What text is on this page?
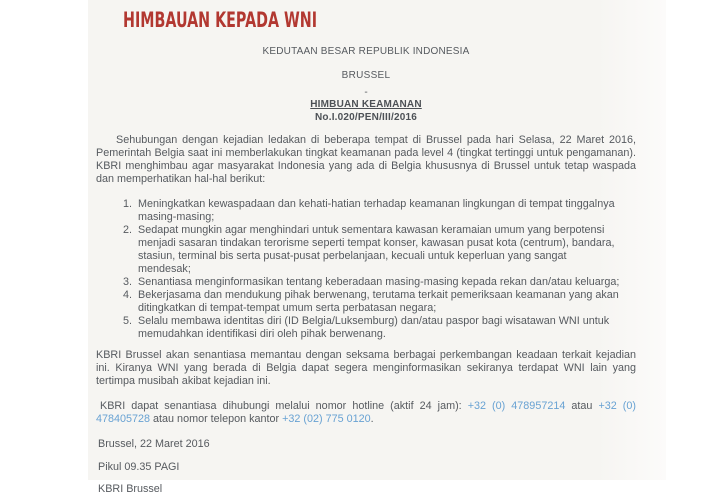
HIMBAUAN KEPADA WNI
KEDUTAAN BESAR REPUBLIK INDONESIA
BRUSSEL
-
HIMBUAN KEAMANAN
No.I.020/PEN/III/2016

Sehubungan dengan kejadian ledakan di beberapa tempat di Brussel pada hari Selasa, 22 Maret 2016, Pemerintah Belgia saat ini memberlakukan tingkat keamanan pada level 4 (tingkat tertinggi untuk pengamanan). KBRI menghimbau agar masyarakat Indonesia yang ada di Belgia khususnya di Brussel untuk tetap waspada dan memperhatikan hal-hal berikut:

1. Meningkatkan kewaspadaan dan kehati-hatian terhadap keamanan lingkungan di tempat tinggalnya masing-masing;
2. Sedapat mungkin agar menghindari untuk sementara kawasan keramaian umum yang berpotensi menjadi sasaran tindakan terorisme seperti tempat konser, kawasan pusat kota (centrum), bandara, stasiun, terminal bis serta pusat-pusat perbelanjaan, kecuali untuk keperluan yang sangat mendesak;
3. Senantiasa menginformasikan tentang keberadaan masing-masing kepada rekan dan/atau keluarga;
4. Bekerjasama dan mendukung pihak berwenang, terutama terkait pemeriksaan keamanan yang akan ditingkatkan di tempat-tempat umum serta perbatasan negara;
5. Selalu membawa identitas diri (ID Belgia/Luksemburg) dan/atau paspor bagi wisatawan WNI untuk memudahkan identifikasi diri oleh pihak berwenang.

KBRI Brussel akan senantiasa memantau dengan seksama berbagai perkembangan keadaan terkait kejadian ini. Kiranya WNI yang berada di Belgia dapat segera menginformasikan sekiranya terdapat WNI lain yang tertimpa musibah akibat kejadian ini.

KBRI dapat senantiasa dihubungi melalui nomor hotline (aktif 24 jam): +32 (0) 478957214 atau +32 (0) 478405728 atau nomor telepon kantor +32 (02) 775 0120.

Brussel, 22 Maret 2016

Pikul 09.35 PAGI

KBRI Brussel
